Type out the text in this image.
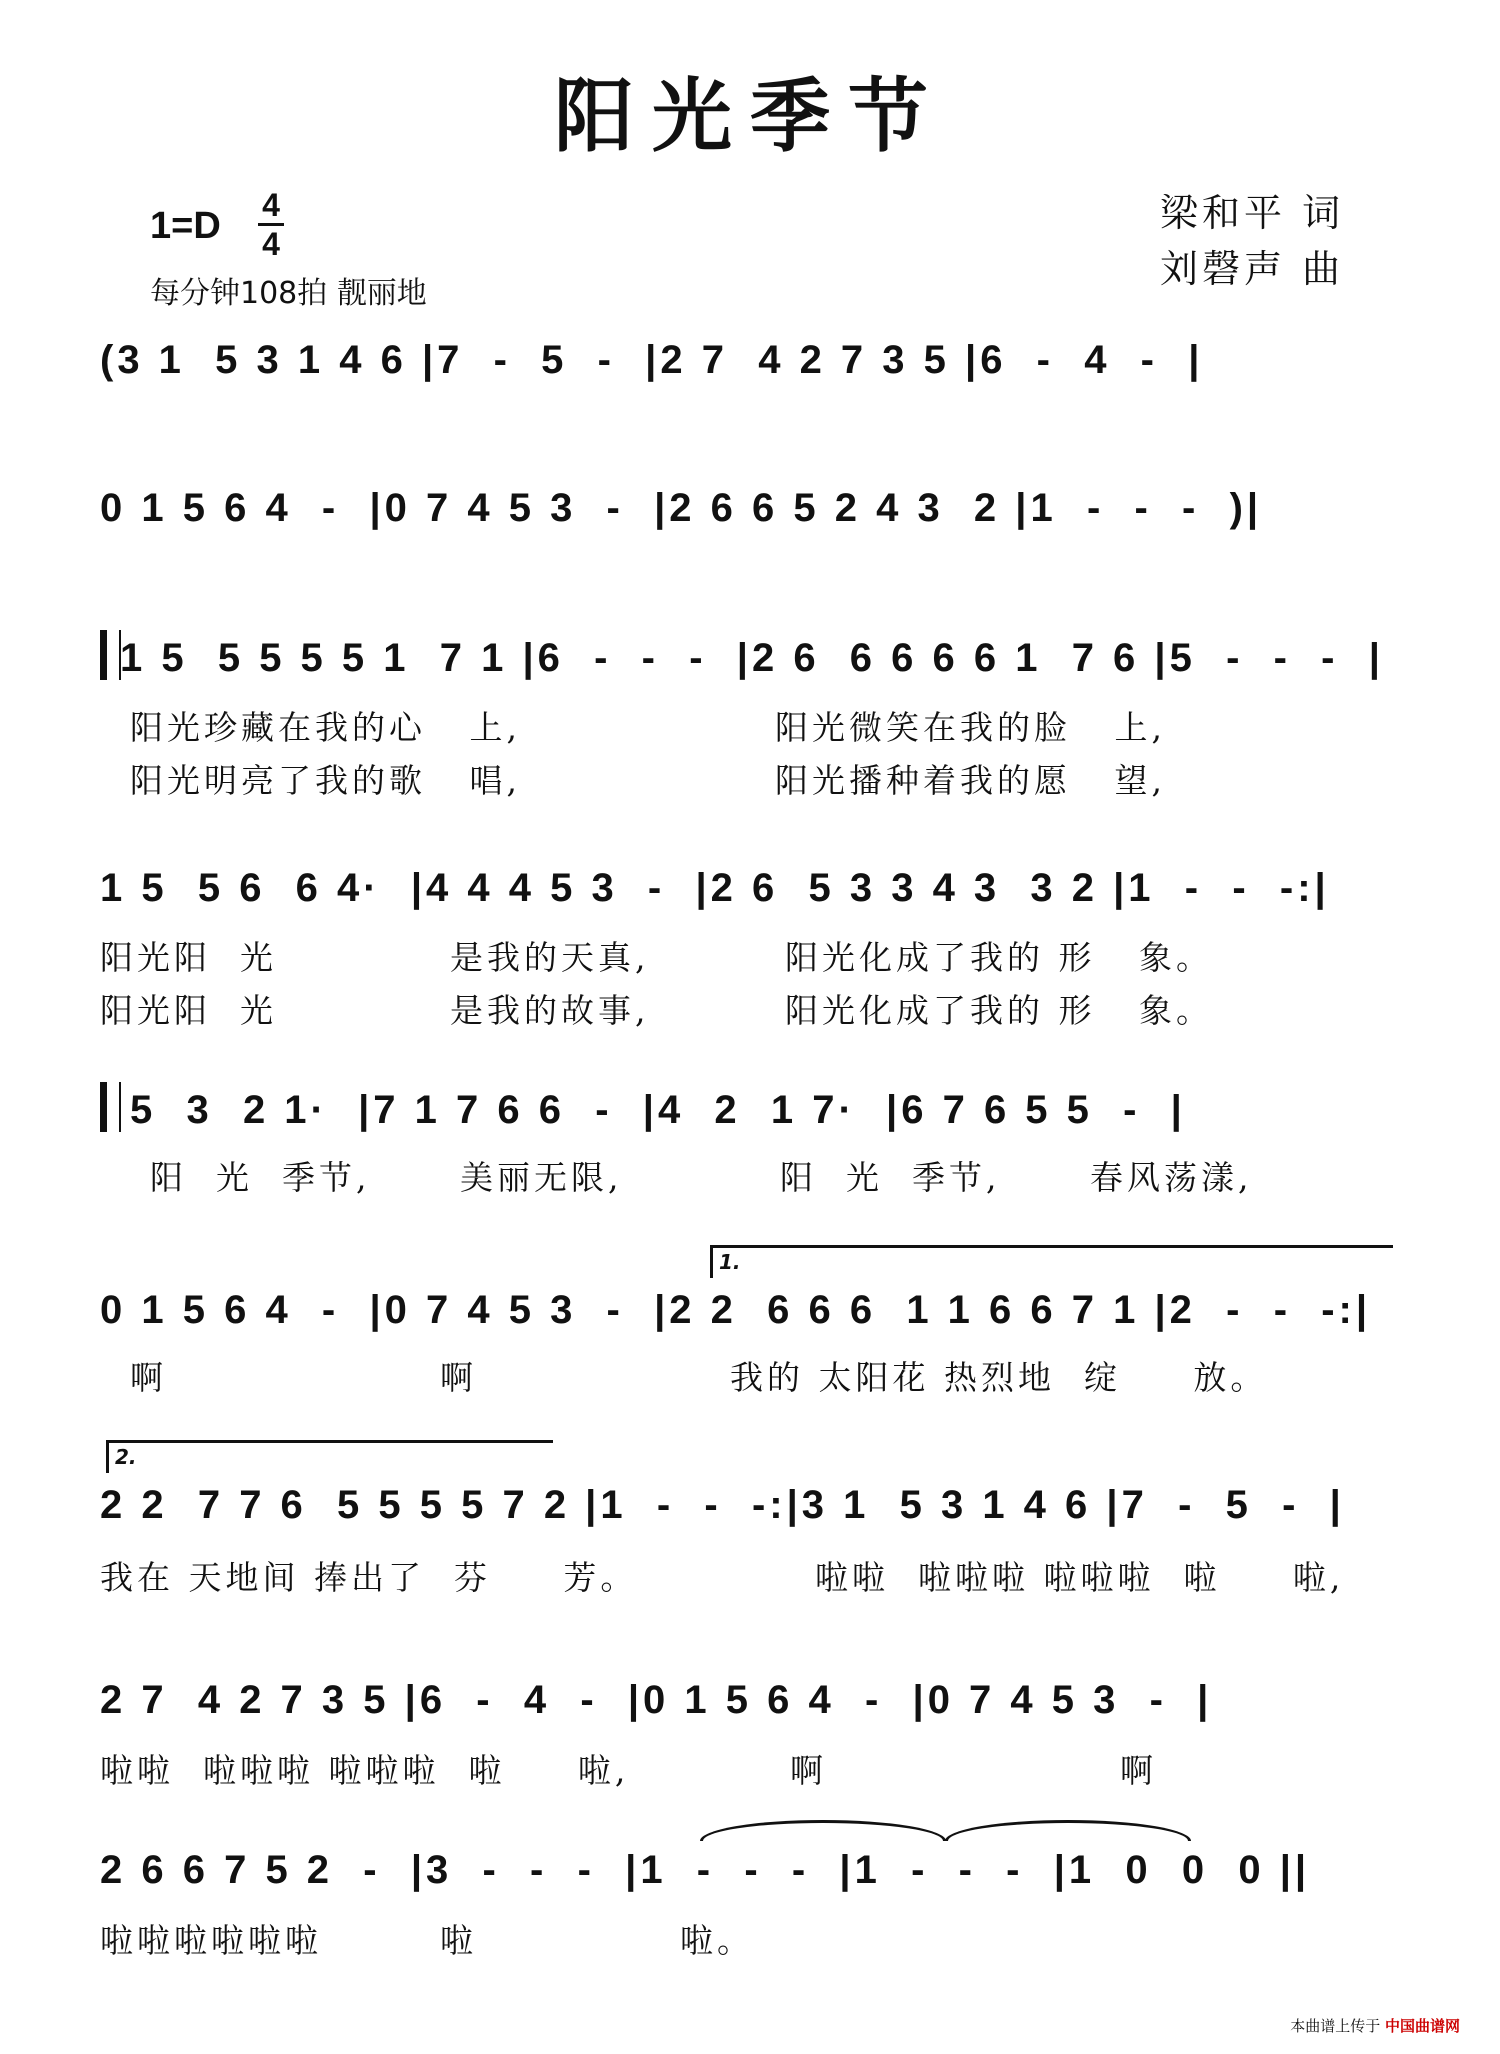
阳光季节
1=D 4
4
每分钟108拍 靓丽地
梁和平 词
刘磬声 曲
(3 1  5 3 1 4 6 |7  -  5  -  |2 7  4 2 7 3 5 |6  -  4  -  |
0 1 5 6 4  -  |0 7 4 5 3  -  |2 6 6 5 2 4 3  2 |1  -  -  -  )|
1 5  5 5 5 5 1  7 1 |6  -  -  -  |2 6  6 6 6 6 1  7 6 |5  -  -  -  |
阳光珍藏在我的心   上,
阳光明亮了我的歌   唱,
阳光微笑在我的脸   上,
阳光播种着我的愿   望,
1 5  5 6  6 4·  |4 4 4 5 3  -  |2 6  5 3 3 4 3  3 2 |1  -  -  -:|
阳光阳  光
阳光阳  光
是我的天真,
是我的故事,
阳光化成了我的 形   象。
阳光化成了我的 形   象。
5  3  2 1·  |7 1 7 6 6  -  |4  2  1 7·  |6 7 6 5 5  -  |
阳  光  季节,	美丽无限,	阳  光  季节,	春风荡漾,
1.
0 1 5 6 4  -  |0 7 4 5 3  -  |2 2  6 6 6  1 1 6 6 7 1 |2  -  -  -:|
啊	啊	我的 太阳花 热烈地  绽     放。
2.
2 2  7 7 6  5 5 5 5 7 2 |1  -  -  -:|3 1  5 3 1 4 6 |7  -  5  -  |
我在 天地间 捧出了  芬     芳。	啦啦  啦啦啦 啦啦啦  啦     啦,
2 7  4 2 7 3 5 |6  -  4  -  |0 1 5 6 4  -  |0 7 4 5 3  -  |
啦啦  啦啦啦 啦啦啦  啦     啦,	啊	啊
2 6 6 7 5 2  -  |3  -  -  -  |1  -  -  -  |1  -  -  -  |1  0  0  0 ||
啦啦啦啦啦啦	啦	啦。
本曲谱上传于 中国曲谱网
